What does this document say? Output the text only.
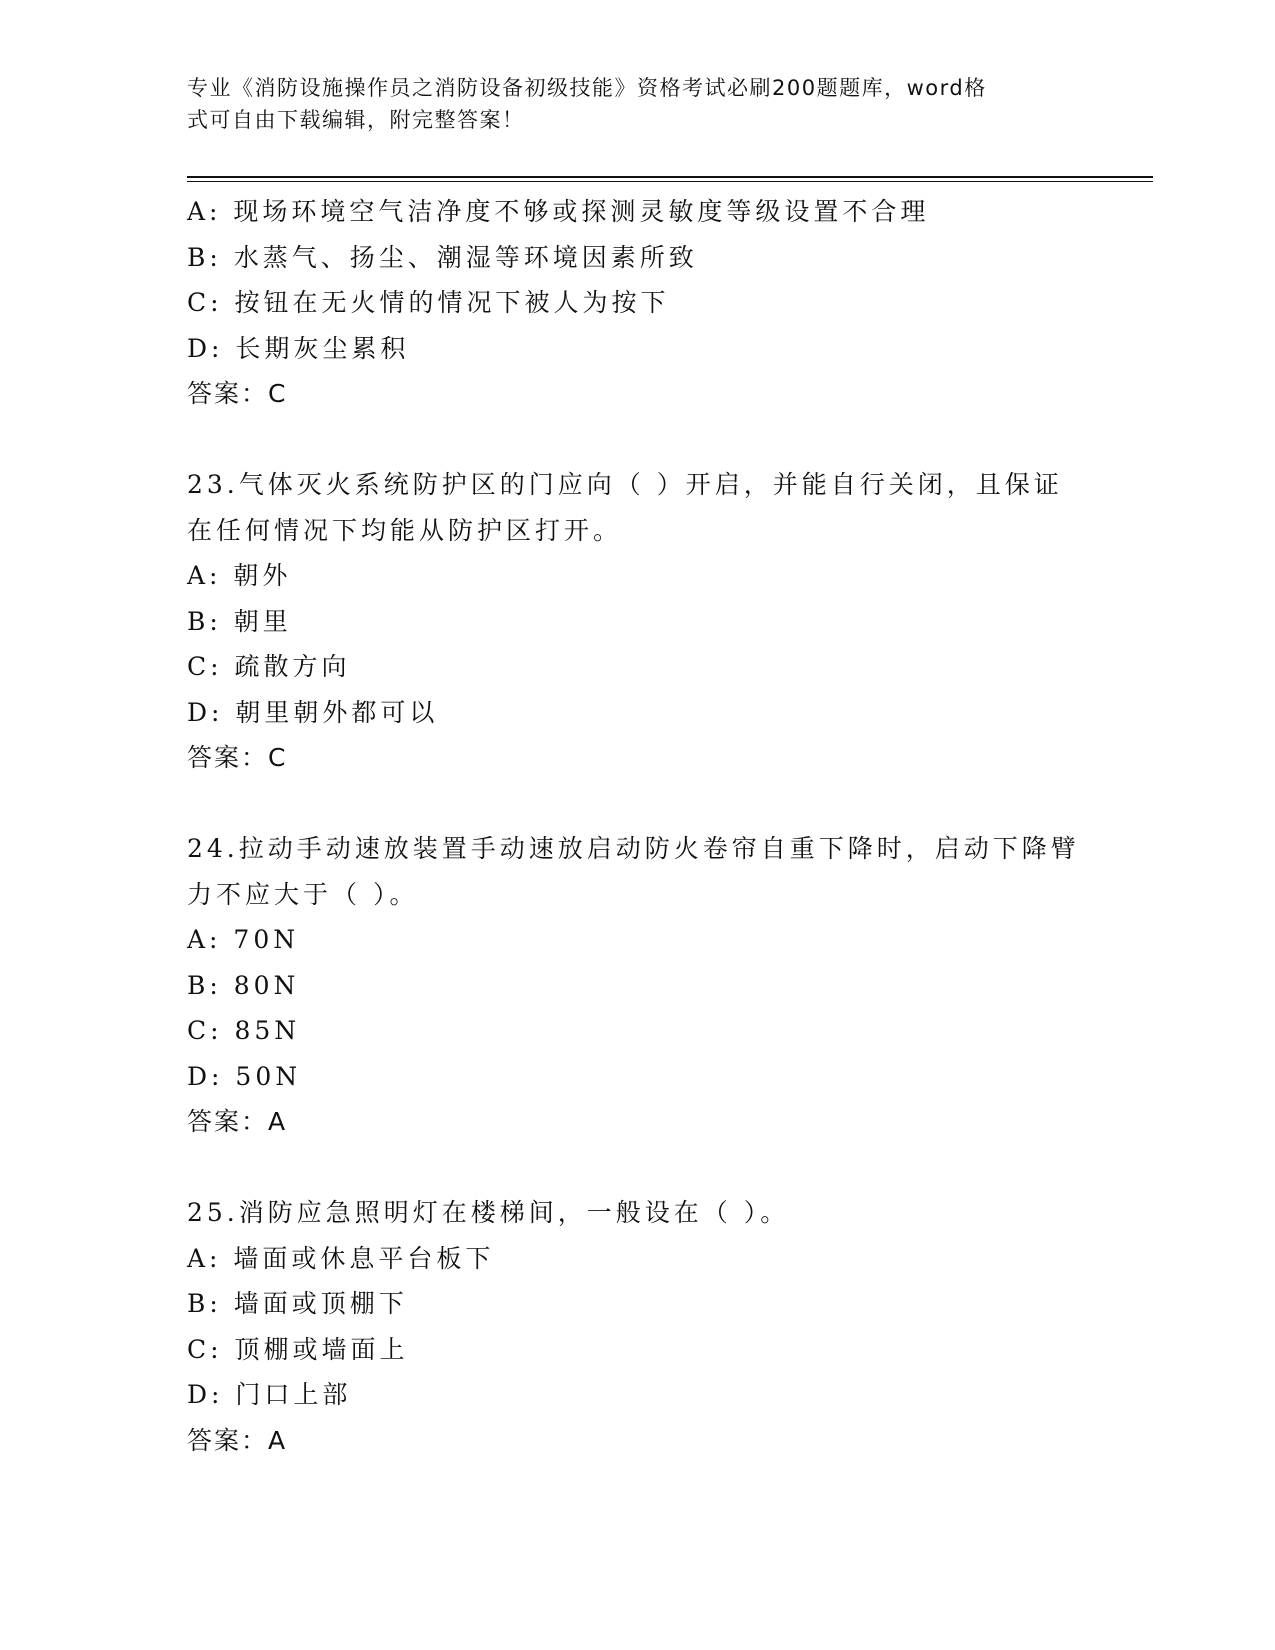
专业《消防设施操作员之消防设备初级技能》资格考试必刷200题题库，word格
式可自由下载编辑，附完整答案！
A: 现场环境空气洁净度不够或探测灵敏度等级设置不合理
B: 水蒸气、扬尘、潮湿等环境因素所致
C: 按钮在无火情的情况下被人为按下
D: 长期灰尘累积
答案：C
23.气体灭火系统防护区的门应向（ ）开启，并能自行关闭，且保证
在任何情况下均能从防护区打开。
A: 朝外
B: 朝里
C: 疏散方向
D: 朝里朝外都可以
答案：C
24.拉动手动速放装置手动速放启动防火卷帘自重下降时，启动下降臂
力不应大于（ ）。
A: 70N
B: 80N
C: 85N
D: 50N
答案：A
25.消防应急照明灯在楼梯间，一般设在（ ）。
A: 墙面或休息平台板下
B: 墙面或顶棚下
C: 顶棚或墙面上
D: 门口上部
答案：A
